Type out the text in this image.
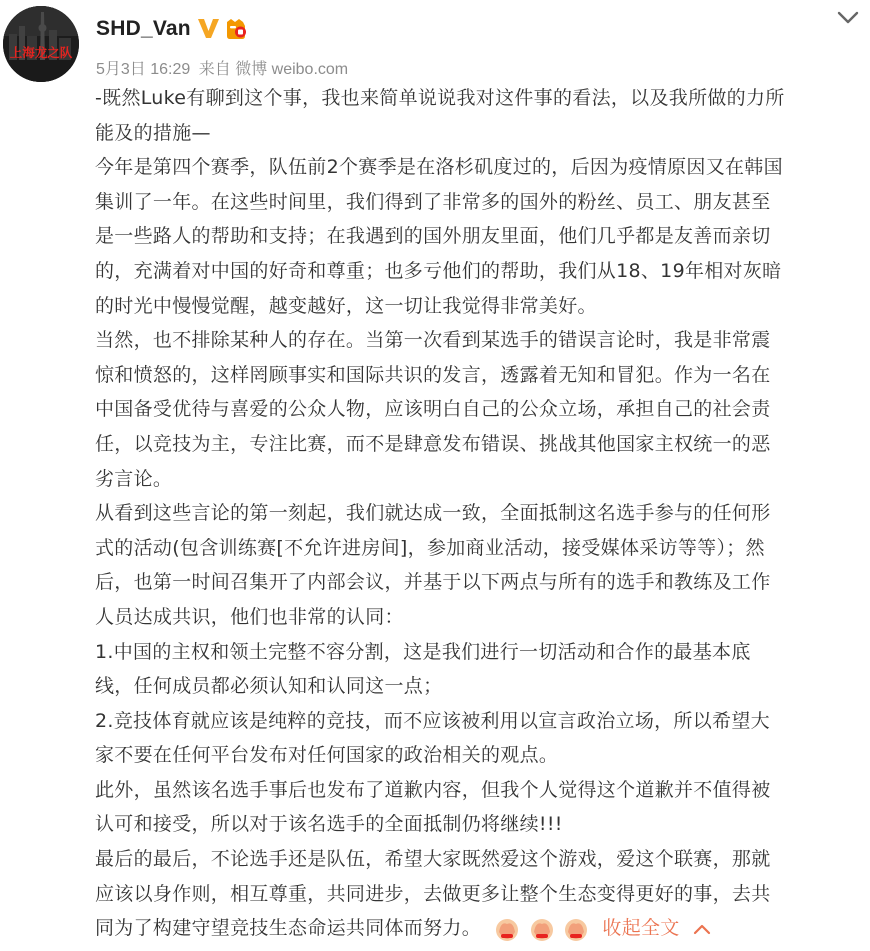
上海龙之队
SHD_Van
5月3日 16:29 来自 微博 weibo.com

-既然Luke有聊到这个事，我也来简单说说我对这件事的看法，以及我所做的力所
能及的措施—

今年是第四个赛季，队伍前2个赛季是在洛杉矶度过的，后因为疫情原因又在韩国
集训了一年。在这些时间里，我们得到了非常多的国外的粉丝、员工、朋友甚至
是一些路人的帮助和支持；在我遇到的国外朋友里面，他们几乎都是友善而亲切
的，充满着对中国的好奇和尊重；也多亏他们的帮助，我们从18、19年相对灰暗
的时光中慢慢觉醒，越变越好，这一切让我觉得非常美好。

当然，也不排除某种人的存在。当第一次看到某选手的错误言论时，我是非常震
惊和愤怒的，这样罔顾事实和国际共识的发言，透露着无知和冒犯。作为一名在
中国备受优待与喜爱的公众人物，应该明白自己的公众立场，承担自己的社会责
任，以竞技为主，专注比赛，而不是肆意发布错误、挑战其他国家主权统一的恶
劣言论。

从看到这些言论的第一刻起，我们就达成一致，全面抵制这名选手参与的任何形
式的活动(包含训练赛[不允许进房间]，参加商业活动，接受媒体采访等等）；然
后，也第一时间召集开了内部会议，并基于以下两点与所有的选手和教练及工作
人员达成共识，他们也非常的认同：

1.中国的主权和领土完整不容分割，这是我们进行一切活动和合作的最基本底
线，任何成员都必须认知和认同这一点；

2.竞技体育就应该是纯粹的竞技，而不应该被利用以宣言政治立场，所以希望大
家不要在任何平台发布对任何国家的政治相关的观点。

此外，虽然该名选手事后也发布了道歉内容，但我个人觉得这个道歉并不值得被
认可和接受，所以对于该名选手的全面抵制仍将继续!!!

最后的最后，不论选手还是队伍，希望大家既然爱这个游戏，爱这个联赛，那就
应该以身作则，相互尊重，共同进步，去做更多让整个生态变得更好的事，去共

同为了构建守望竞技生态命运共同体而努力。	收起全文
